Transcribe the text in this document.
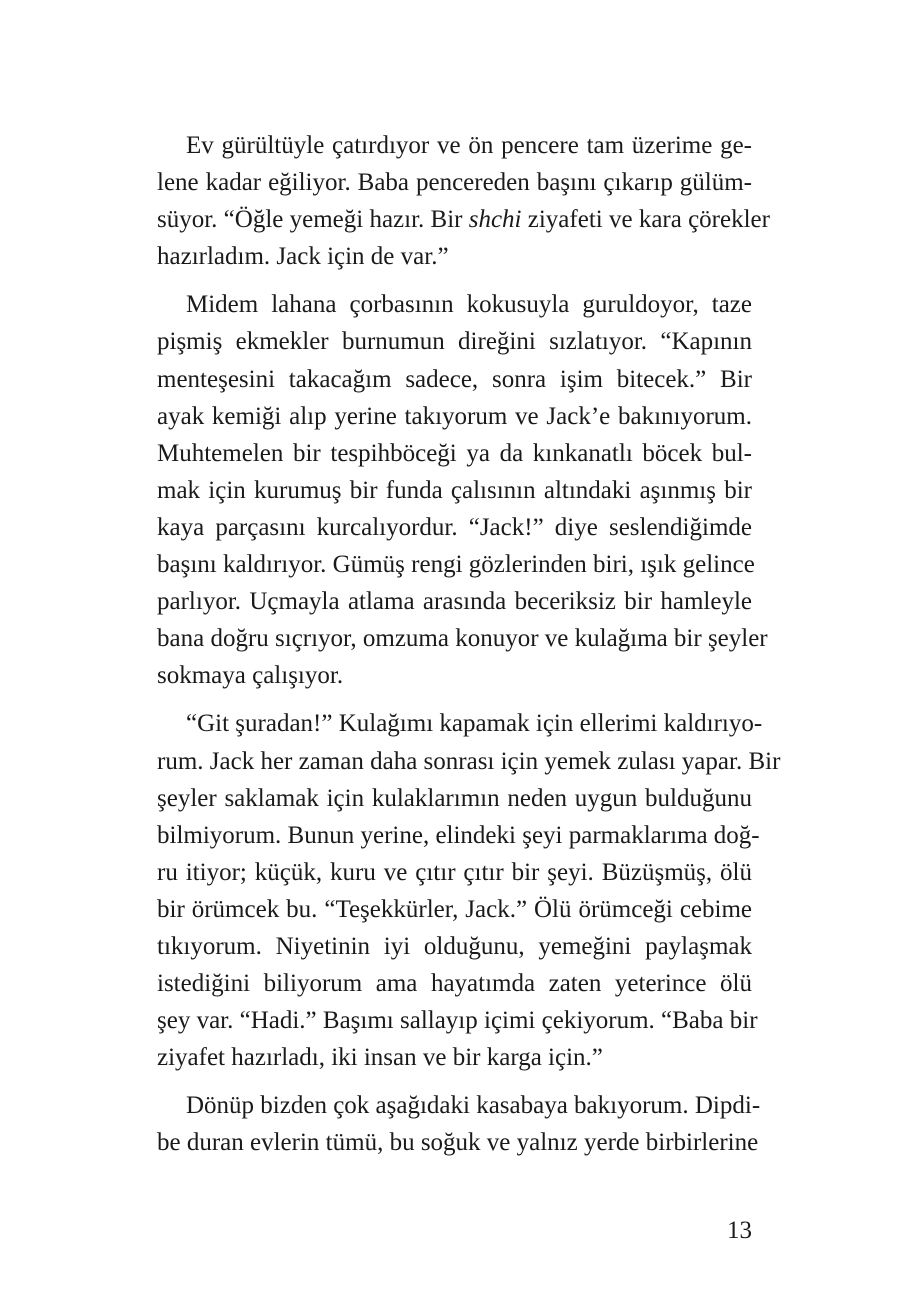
Ev gürültüyle çatırdıyor ve ön pencere tam üzerime ge-
lene kadar eğiliyor. Baba pencereden başını çıkarıp gülüm-
süyor. “Öğle yemeği hazır. Bir shchi ziyafeti ve kara çörekler
hazırladım. Jack için de var.”
Midem lahana çorbasının kokusuyla guruldoyor, taze
pişmiş ekmekler burnumun direğini sızlatıyor. “Kapının
menteşesini takacağım sadece, sonra işim bitecek.” Bir
ayak kemiği alıp yerine takıyorum ve Jack’e bakınıyorum.
Muhtemelen bir tespihböceği ya da kınkanatlı böcek bul-
mak için kurumuş bir funda çalısının altındaki aşınmış bir
kaya parçasını kurcalıyordur. “Jack!” diye seslendiğimde
başını kaldırıyor. Gümüş rengi gözlerinden biri, ışık gelince
parlıyor. Uçmayla atlama arasında beceriksiz bir hamleyle
bana doğru sıçrıyor, omzuma konuyor ve kulağıma bir şeyler
sokmaya çalışıyor.
“Git şuradan!” Kulağımı kapamak için ellerimi kaldırıyo-
rum. Jack her zaman daha sonrası için yemek zulası yapar. Bir
şeyler saklamak için kulaklarımın neden uygun bulduğunu
bilmiyorum. Bunun yerine, elindeki şeyi parmaklarıma doğ-
ru itiyor; küçük, kuru ve çıtır çıtır bir şeyi. Büzüşmüş, ölü
bir örümcek bu. “Teşekkürler, Jack.” Ölü örümceği cebime
tıkıyorum. Niyetinin iyi olduğunu, yemeğini paylaşmak
istediğini biliyorum ama hayatımda zaten yeterince ölü
şey var. “Hadi.” Başımı sallayıp içimi çekiyorum. “Baba bir
ziyafet hazırladı, iki insan ve bir karga için.”
Dönüp bizden çok aşağıdaki kasabaya bakıyorum. Dipdi-
be duran evlerin tümü, bu soğuk ve yalnız yerde birbirlerine
13
